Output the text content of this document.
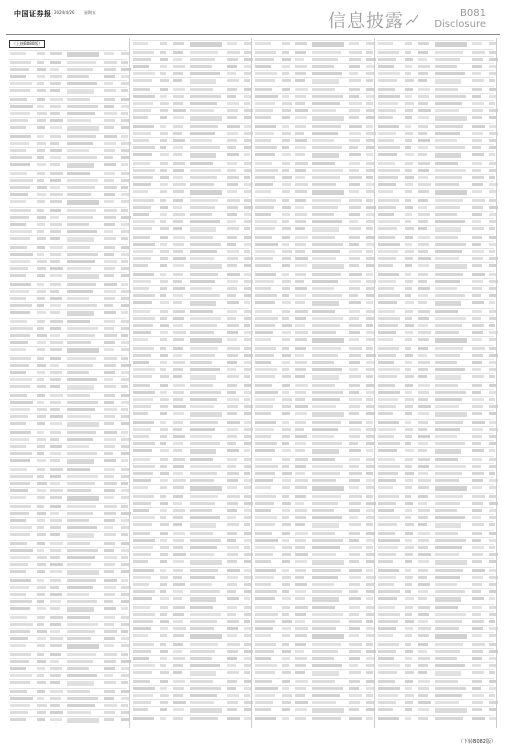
中国证券报 2024/4/26 星期五	信息披露	B081
Disclosure
（上接B080版）
（下转B082版）
